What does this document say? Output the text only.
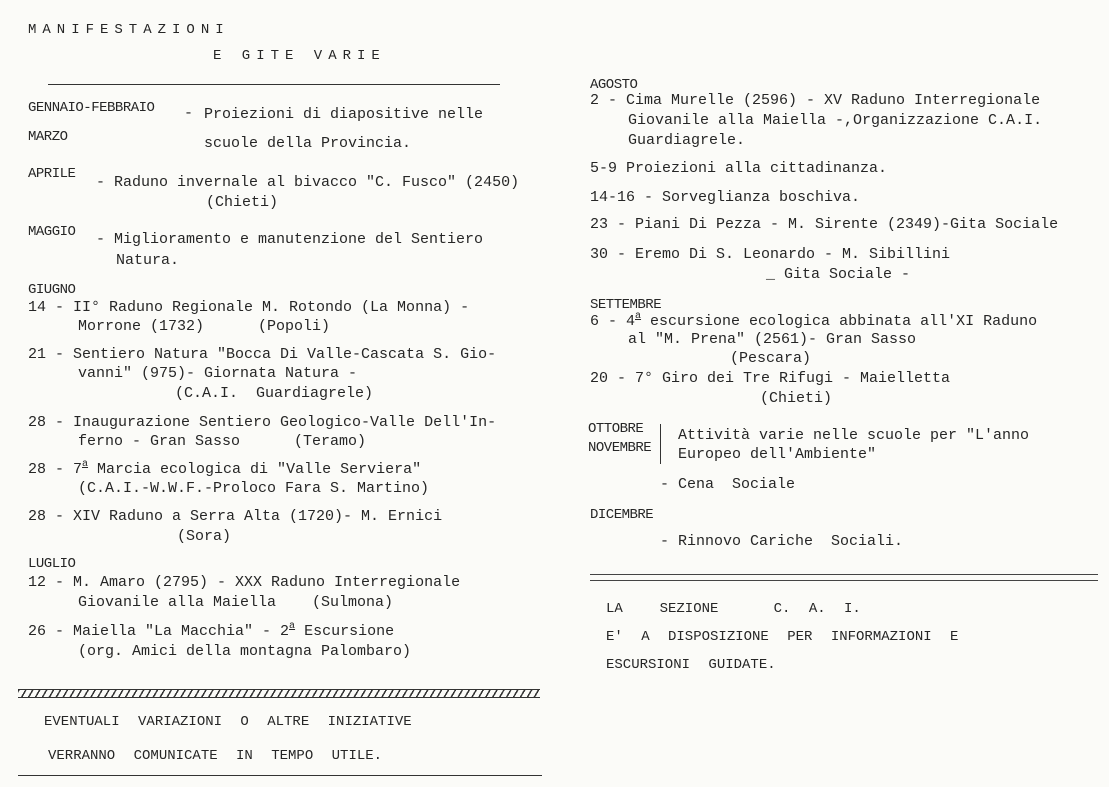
MANIFESTAZIONI
E GITE VARIE
GENNAIO-FEBBRAIO - Proiezioni di diapositive nelle
MARZO	scuole della Provincia.
APRILE - Raduno invernale al bivacco "C. Fusco" (2450)
(Chieti)
MAGGIO - Miglioramento e manutenzione del Sentiero
Natura.
GIUGNO
14 - II° Raduno Regionale M. Rotondo (La Monna) -
Morrone (1732)      (Popoli)
21 - Sentiero Natura "Bocca Di Valle-Cascata S. Gio-
vanni" (975)- Giornata Natura -
(C.A.I.  Guardiagrele)
28 - Inaugurazione Sentiero Geologico-Valle Dell'In-
ferno - Gran Sasso      (Teramo)
28 - 7$^a$ Marcia ecologica di "Valle Serviera"
(C.A.I.-W.W.F.-Proloco Fara S. Martino)
28 - XIV Raduno a Serra Alta (1720)- M. Ernici
(Sora)
LUGLIO
12 - M. Amaro (2795) - XXX Raduno Interregionale
Giovanile alla Maiella    (Sulmona)
26 - Maiella "La Macchia" - 2$^a$ Escursione
(org. Amici della montagna Palombaro)
EVENTUALI VARIAZIONI O ALTRE INIZIATIVE
VERRANNO COMUNICATE IN TEMPO UTILE.
AGOSTO
2 - Cima Murelle (2596) - XV Raduno Interregionale
Giovanile alla Maiella -,Organizzazione C.A.I.
Guardiagrele.
5-9 Proiezioni alla cittadinanza.
14-16 - Sorveglianza boschiva.
23 - Piani Di Pezza - M. Sirente (2349)-Gita Sociale
30 - Eremo Di S. Leonardo - M. Sibillini
_ Gita Sociale -
SETTEMBRE
6 - 4$^a$ escursione ecologica abbinata all'XI Raduno
al "M. Prena" (2561)- Gran Sasso
(Pescara)
20 - 7° Giro dei Tre Rifugi - Maielletta
(Chieti)
OTTOBRE
NOVEMBRE
Attività varie nelle scuole per "L'anno
Europeo dell'Ambiente"
- Cena  Sociale
DICEMBRE
- Rinnovo Cariche  Sociali.
LA  SEZIONE   C. A. I.
E' A DISPOSIZIONE PER INFORMAZIONI E
ESCURSIONI GUIDATE.
